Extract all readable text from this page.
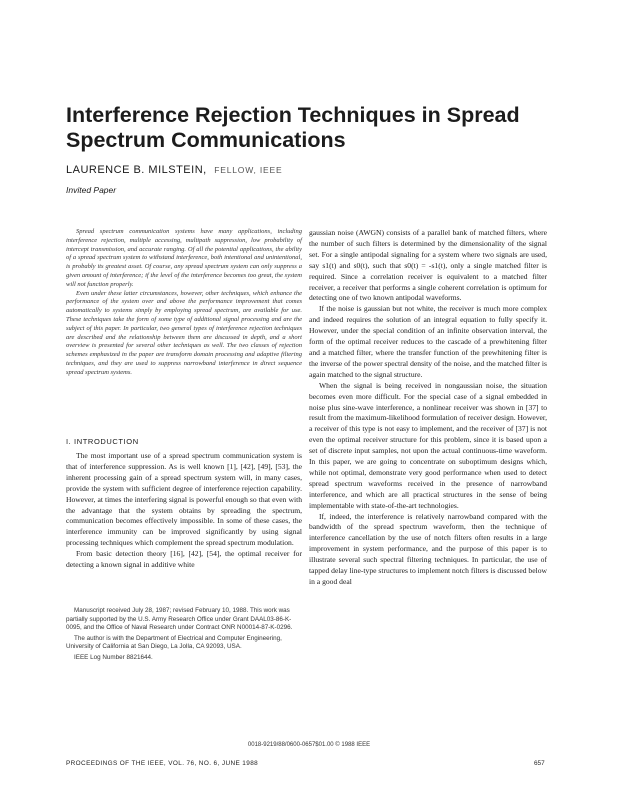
Interference Rejection Techniques in Spread Spectrum Communications
LAURENCE B. MILSTEIN, FELLOW, IEEE
Invited Paper

Spread spectrum communication systems have many applications, including interference rejection, multiple accessing, multipath suppression, low probability of intercept transmission, and accurate ranging. Of all the potential applications, the ability of a spread spectrum system to withstand interference, both intentional and unintentional, is probably its greatest asset. Of course, any spread spectrum system can only suppress a given amount of interference; if the level of the interference becomes too great, the system will not function properly.

Even under these latter circumstances, however, other techniques, which enhance the performance of the system over and above the performance improvement that comes automatically to systems simply by employing spread spectrum, are available for use. These techniques take the form of some type of additional signal processing and are the subject of this paper. In particular, two general types of interference rejection techniques are described and the relationship between them are discussed in depth, and a short overview is presented for several other techniques as well. The two classes of rejection schemes emphasized in the paper are transform domain processing and adaptive filtering techniques, and they are used to suppress narrowband interference in direct sequence spread spectrum systems.

I. INTRODUCTION

The most important use of a spread spectrum communication system is that of interference suppression. As is well known [1], [42], [49], [53], the inherent processing gain of a spread spectrum system will, in many cases, provide the system with sufficient degree of interference rejection capability. However, at times the interfering signal is powerful enough so that even with the advantage that the system obtains by spreading the spectrum, communication becomes effectively impossible. In some of these cases, the interference immunity can be improved significantly by using signal processing techniques which complement the spread spectrum modulation.

From basic detection theory [16], [42], [54], the optimal receiver for detecting a known signal in additive white

Manuscript received July 28, 1987; revised February 10, 1988. This work was partially supported by the U.S. Army Research Office under Grant DAAL03-86-K-0095, and the Office of Naval Research under Contract ONR N00014-87-K-0296.

The author is with the Department of Electrical and Computer Engineering, University of California at San Diego, La Jolla, CA 92093, USA.

IEEE Log Number 8821644.

gaussian noise (AWGN) consists of a parallel bank of matched filters, where the number of such filters is determined by the dimensionality of the signal set. For a single antipodal signaling for a system where two signals are used, say s1(t) and s0(t), such that s0(t) = -s1(t), only a single matched filter is required. Since a correlation receiver is equivalent to a matched filter receiver, a receiver that performs a single coherent correlation is optimum for detecting one of two known antipodal waveforms.

If the noise is gaussian but not white, the receiver is much more complex and indeed requires the solution of an integral equation to fully specify it. However, under the special condition of an infinite observation interval, the form of the optimal receiver reduces to the cascade of a prewhitening filter and a matched filter, where the transfer function of the prewhitening filter is the inverse of the power spectral density of the noise, and the matched filter is again matched to the signal structure.

When the signal is being received in nongaussian noise, the situation becomes even more difficult. For the special case of a signal embedded in noise plus sine-wave interference, a nonlinear receiver was shown in [37] to result from the maximum-likelihood formulation of receiver design. However, a receiver of this type is not easy to implement, and the receiver of [37] is not even the optimal receiver structure for this problem, since it is based upon a set of discrete input samples, not upon the actual continuous-time waveform. In this paper, we are going to concentrate on suboptimum designs which, while not optimal, demonstrate very good performance when used to detect spread spectrum waveforms received in the presence of narrowband interference, and which are all practical structures in the sense of being implementable with state-of-the-art technologies.

If, indeed, the interference is relatively narrowband compared with the bandwidth of the spread spectrum waveform, then the technique of interference cancellation by the use of notch filters often results in a large improvement in system performance, and the purpose of this paper is to illustrate several such spectral filtering techniques. In particular, the use of tapped delay line-type structures to implement notch filters is discussed below in a good deal

0018-9219/88/0600-0657$01.00 © 1988 IEEE
PROCEEDINGS OF THE IEEE, VOL. 76, NO. 6, JUNE 1988	657
